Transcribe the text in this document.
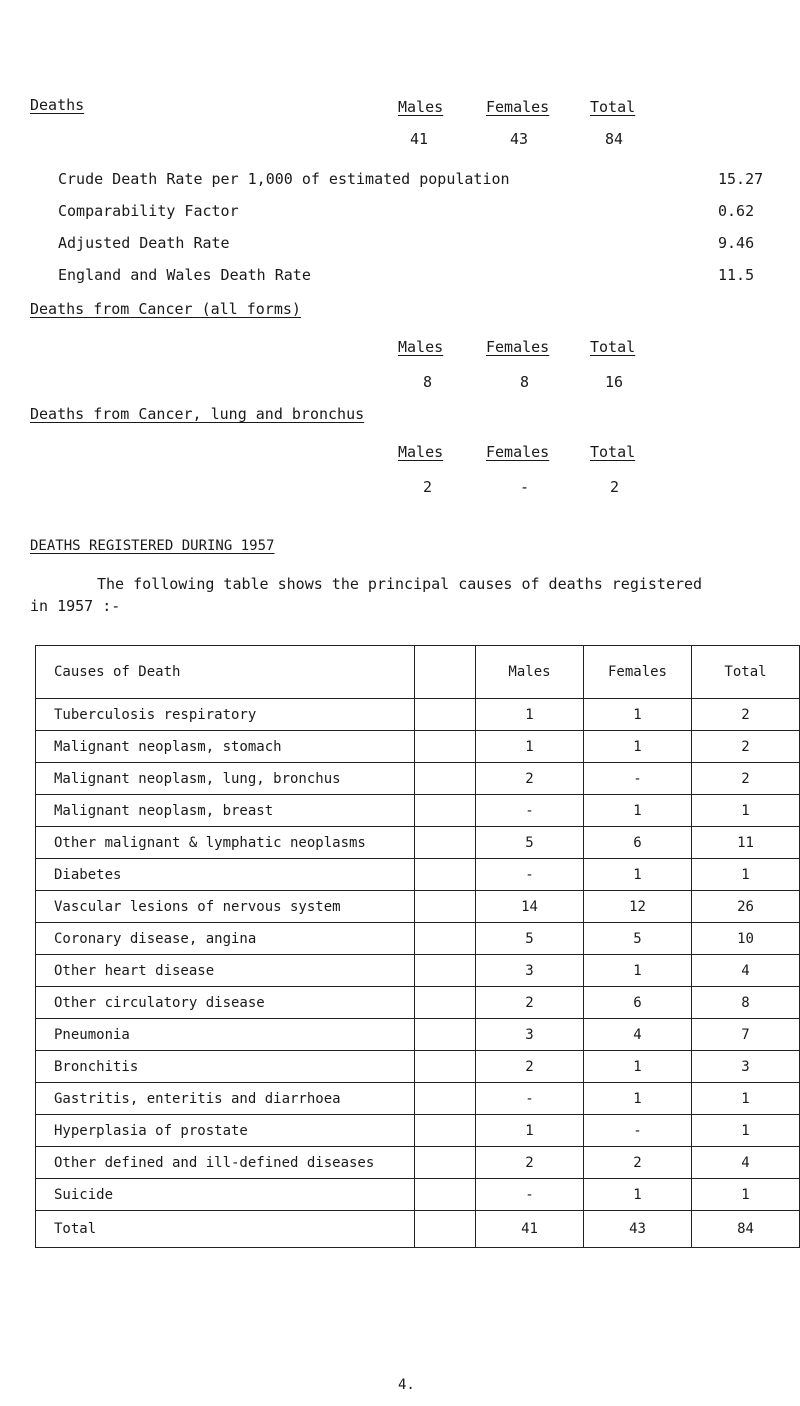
Deaths	Males	Females	Total
41	43	84
Crude Death Rate per 1,000 of estimated population	15.27
Comparability Factor	0.62
Adjusted Death Rate	9.46
England and Wales Death Rate	11.5
Deaths from Cancer (all forms)
Males	Females	Total
8	8	16
Deaths from Cancer, lung and bronchus
Males	Females	Total
2	-	2
DEATHS REGISTERED DURING 1957
The following table shows the principal causes of deaths registered
in 1957 :-
Causes of Death		Males	Females	Total
Tuberculosis respiratory		1	1	2
Malignant neoplasm, stomach		1	1	2
Malignant neoplasm, lung, bronchus		2	-	2
Malignant neoplasm, breast		-	1	1
Other malignant & lymphatic neoplasms		5	6	11
Diabetes		-	1	1
Vascular lesions of nervous system		14	12	26
Coronary disease, angina		5	5	10
Other heart disease		3	1	4
Other circulatory disease		2	6	8
Pneumonia		3	4	7
Bronchitis		2	1	3
Gastritis, enteritis and diarrhoea		-	1	1
Hyperplasia of prostate		1	-	1
Other defined and ill-defined diseases		2	2	4
Suicide		-	1	1
Total		41	43	84
4.
